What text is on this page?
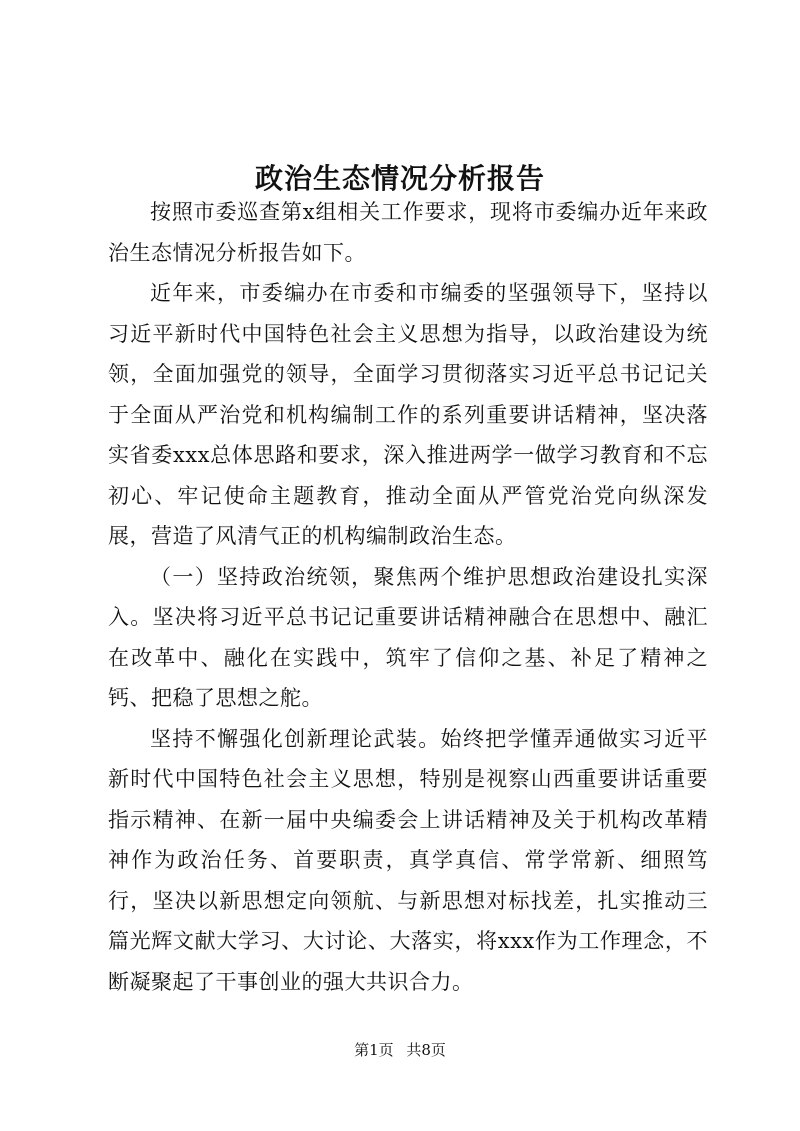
政治生态情况分析报告

按照市委巡查第x组相关工作要求，现将市委编办近年来政治生态情况分析报告如下。

近年来，市委编办在市委和市编委的坚强领导下，坚持以习近平新时代中国特色社会主义思想为指导，以政治建设为统领，全面加强党的领导，全面学习贯彻落实习近平总书记记关于全面从严治党和机构编制工作的系列重要讲话精神，坚决落实省委xxx总体思路和要求，深入推进两学一做学习教育和不忘初心、牢记使命主题教育，推动全面从严管党治党向纵深发展，营造了风清气正的机构编制政治生态。

（一）坚持政治统领，聚焦两个维护思想政治建设扎实深入。坚决将习近平总书记记重要讲话精神融合在思想中、融汇在改革中、融化在实践中，筑牢了信仰之基、补足了精神之钙、把稳了思想之舵。

坚持不懈强化创新理论武装。始终把学懂弄通做实习近平新时代中国特色社会主义思想，特别是视察山西重要讲话重要指示精神、在新一届中央编委会上讲话精神及关于机构改革精神作为政治任务、首要职责，真学真信、常学常新、细照笃行，坚决以新思想定向领航、与新思想对标找差，扎实推动三篇光辉文献大学习、大讨论、大落实，将xxx作为工作理念，不断凝聚起了干事创业的强大共识合力。

第1页 共8页
